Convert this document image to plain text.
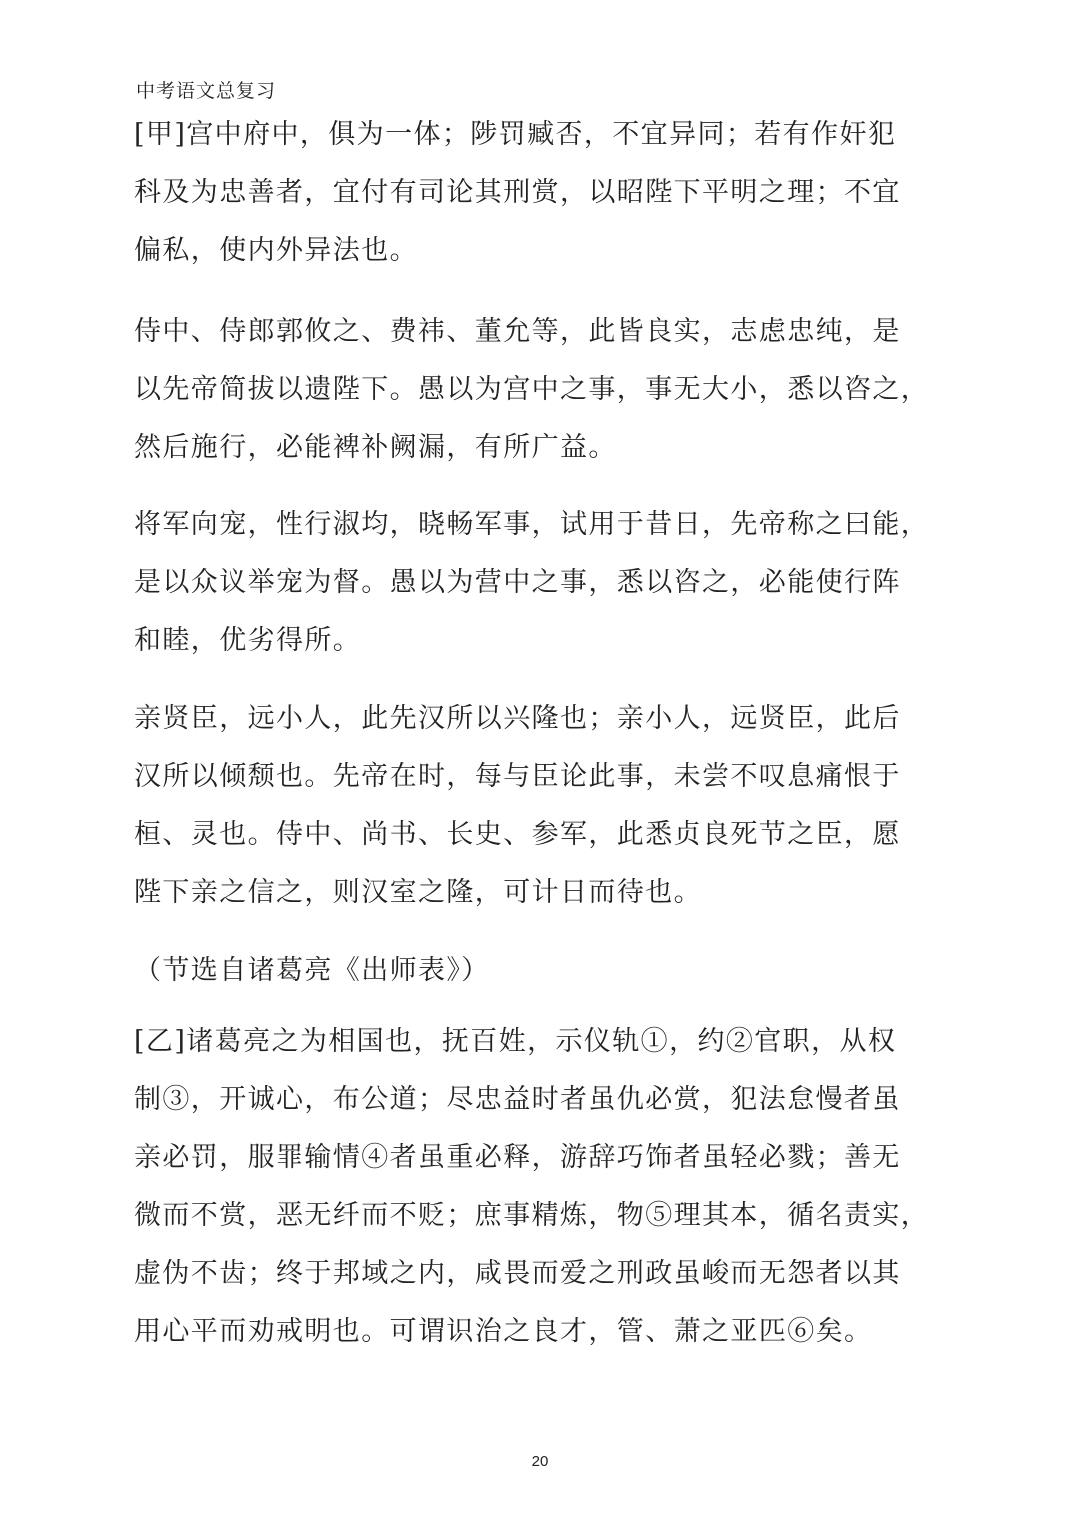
中考语文总复习
[甲]宫中府中，俱为一体；陟罚臧否，不宜异同；若有作奸犯
科及为忠善者，宜付有司论其刑赏，以昭陛下平明之理；不宜
偏私，使内外异法也。
侍中、侍郎郭攸之、费祎、董允等，此皆良实，志虑忠纯，是
以先帝简拔以遗陛下。愚以为宫中之事，事无大小，悉以咨之，
然后施行，必能裨补阙漏，有所广益。
将军向宠，性行淑均，晓畅军事，试用于昔日，先帝称之曰能，
是以众议举宠为督。愚以为营中之事，悉以咨之，必能使行阵
和睦，优劣得所。
亲贤臣，远小人，此先汉所以兴隆也；亲小人，远贤臣，此后
汉所以倾颓也。先帝在时，每与臣论此事，未尝不叹息痛恨于
桓、灵也。侍中、尚书、长史、参军，此悉贞良死节之臣，愿
陛下亲之信之，则汉室之隆，可计日而待也。
（节选自诸葛亮《出师表》）
[乙]诸葛亮之为相国也，抚百姓，示仪轨①，约②官职，从权
制③，开诚心，布公道；尽忠益时者虽仇必赏，犯法怠慢者虽
亲必罚，服罪输情④者虽重必释，游辞巧饰者虽轻必戮；善无
微而不赏，恶无纤而不贬；庶事精炼，物⑤理其本，循名责实，
虚伪不齿；终于邦域之内，咸畏而爱之刑政虽峻而无怨者以其
用心平而劝戒明也。可谓识治之良才，管、萧之亚匹⑥矣。
20
